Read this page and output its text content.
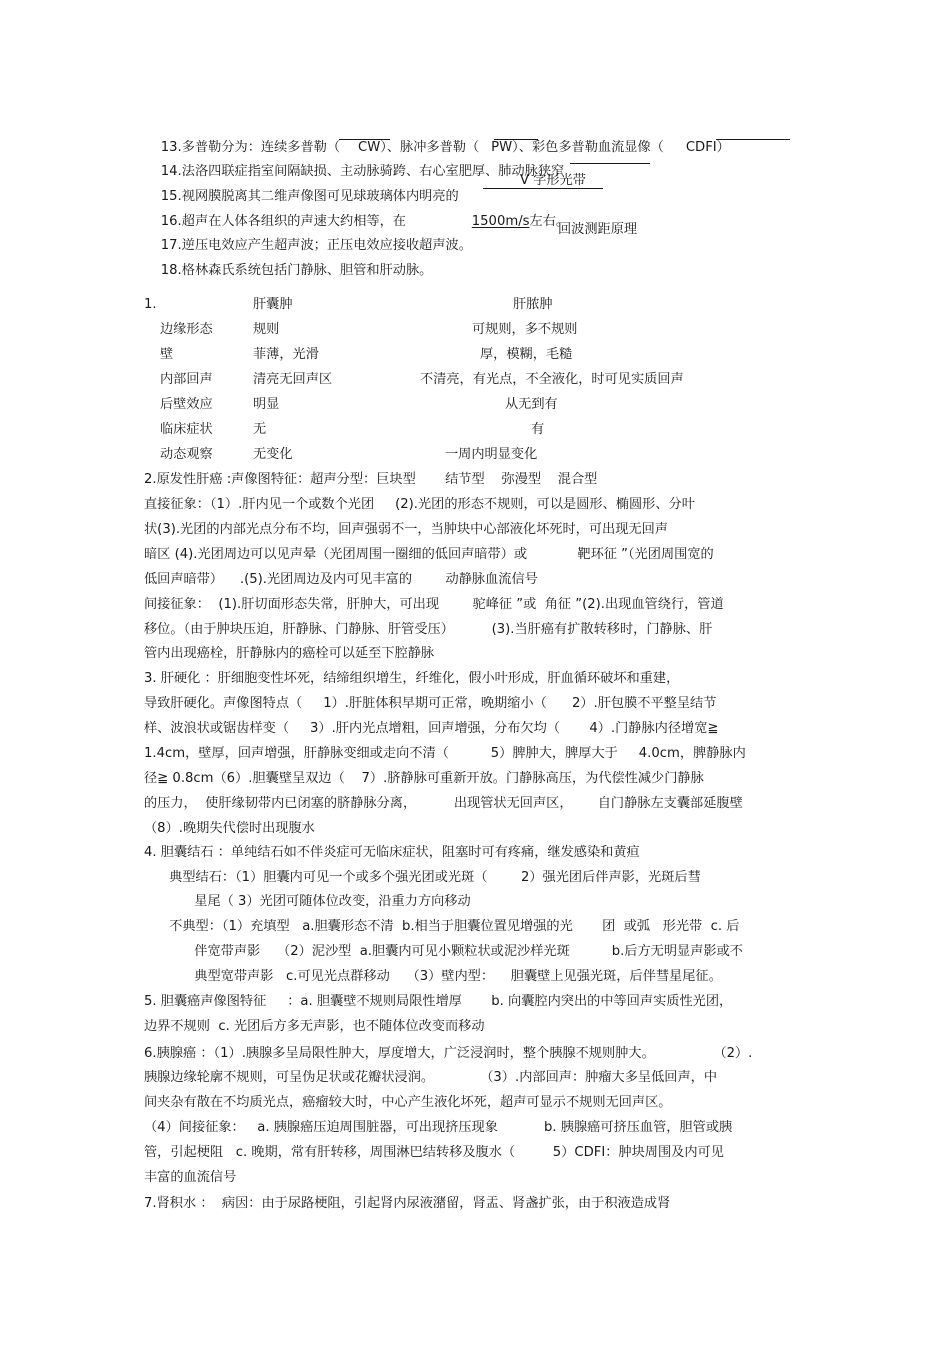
13.多普勒分为：连续多普勒（ CW）、脉冲多普勒（ PW）、彩色多普勒血流显像（ CDFI）

14.法洛四联症指室间隔缺损、主动脉骑跨、右心室肥厚、肺动脉狭窄

15.视网膜脱离其二维声像图可见球玻璃体内明亮的

V 字形光带

16.超声在人体各组织的声速大约相等，在
	1500m/s左右。

17.逆压电效应产生超声波；正压电效应接收超声波。

回波测距原理

18.格林森氏系统包括门静脉、胆管和肝动脉。

1.	肝囊肿	肝脓肿
边缘形态	规则	可规则，多不规则
壁	菲薄，光滑	厚，模糊，毛糙
内部回声	清亮无回声区	不清亮，有光点，不全液化，时可见实质回声
后壁效应	明显	从无到有
临床症状	无	有
动态观察	无变化	一周内明显变化
2.原发性肝癌 :声像图特征：超声分型：巨块型       结节型    弥漫型    混合型
直接征象：（1）.肝内见一个或数个光团     (2).光团的形态不规则，可以是圆形、椭圆形、分叶
状(3).光团的内部光点分布不均，回声强弱不一，当肿块中心部液化坏死时，可出现无回声
暗区 (4).光团周边可以见声晕（光团周围一圈细的低回声暗带）或            靶环征 ”（光团周围宽的
低回声暗带）    .(5).光团周边及内可见丰富的        动静脉血流信号
间接征象：  (1).肝切面形态失常，肝肿大，可出现        驼峰征 ”或  角征 ”(2).出现血管绕行，管道
移位。（由于肿块压迫，肝静脉、门静脉、肝管受压）         (3).当肝癌有扩散转移时，门静脉、肝
管内出现癌栓，肝静脉内的癌栓可以延至下腔静脉
3. 肝硬化 ：肝细胞变性坏死，结缔组织增生，纤维化，假小叶形成，肝血循环破坏和重建，
导致肝硬化。声像图特点（     1）.肝脏体积早期可正常，晚期缩小（      2）.肝包膜不平整呈结节
样、波浪状或锯齿样变（     3）.肝内光点增粗，回声增强，分布欠均（       4）.门静脉内径增宽≧
1.4cm，壁厚，回声增强，肝静脉变细或走向不清（          5）脾肿大，脾厚大于     4.0cm，脾静脉内
径≧ 0.8cm（6）.胆囊壁呈双边（    7）.脐静脉可重新开放。门静脉高压，为代偿性减少门静脉
的压力，  使肝缘韧带内已闭塞的脐静脉分离，         出现管状无回声区，      自门静脉左支囊部延腹壁
（8）.晚期失代偿时出现腹水
4. 胆囊结石 ：单纯结石如不伴炎症可无临床症状，阻塞时可有疼痛，继发感染和黄疸
典型结石：（1）胆囊内可见一个或多个强光团或光斑（        2）强光团后伴声影，光斑后彗
星尾（ 3）光团可随体位改变，沿重力方向移动
不典型：（1）充填型   a.胆囊形态不清  b.相当于胆囊位置见增强的光       团  或弧   形光带  c. 后
伴宽带声影    （2）泥沙型  a.胆囊内可见小颗粒状或泥沙样光斑          b.后方无明显声影或不
典型宽带声影   c.可见光点群移动    （3）壁内型：    胆囊壁上见强光斑，后伴彗星尾征。
5. 胆囊癌声像图特征     ：a. 胆囊壁不规则局限性增厚       b. 向囊腔内突出的中等回声实质性光团，
边界不规则  c. 光团后方多无声影，也不随体位改变而移动
6.胰腺癌 ：（1）.胰腺多呈局限性肿大，厚度增大，广泛浸润时，整个胰腺不规则肿大。              （2）.
胰腺边缘轮廓不规则，可呈伪足状或花瓣状浸润。           （3）.内部回声：肿瘤大多呈低回声，中
间夹杂有散在不均质光点，癌瘤较大时，中心产生液化坏死，超声可显示不规则无回声区。
（4）间接征象：   a. 胰腺癌压迫周围脏器，可出现挤压现象           b. 胰腺癌可挤压血管，胆管或胰
管，引起梗阻   c. 晚期，常有肝转移，周围淋巴结转移及腹水（         5）CDFI：肿块周围及内可见
丰富的血流信号
7.肾积水 ：  病因：由于尿路梗阻，引起肾内尿液潴留，肾盂、肾盏扩张，由于积液造成肾
